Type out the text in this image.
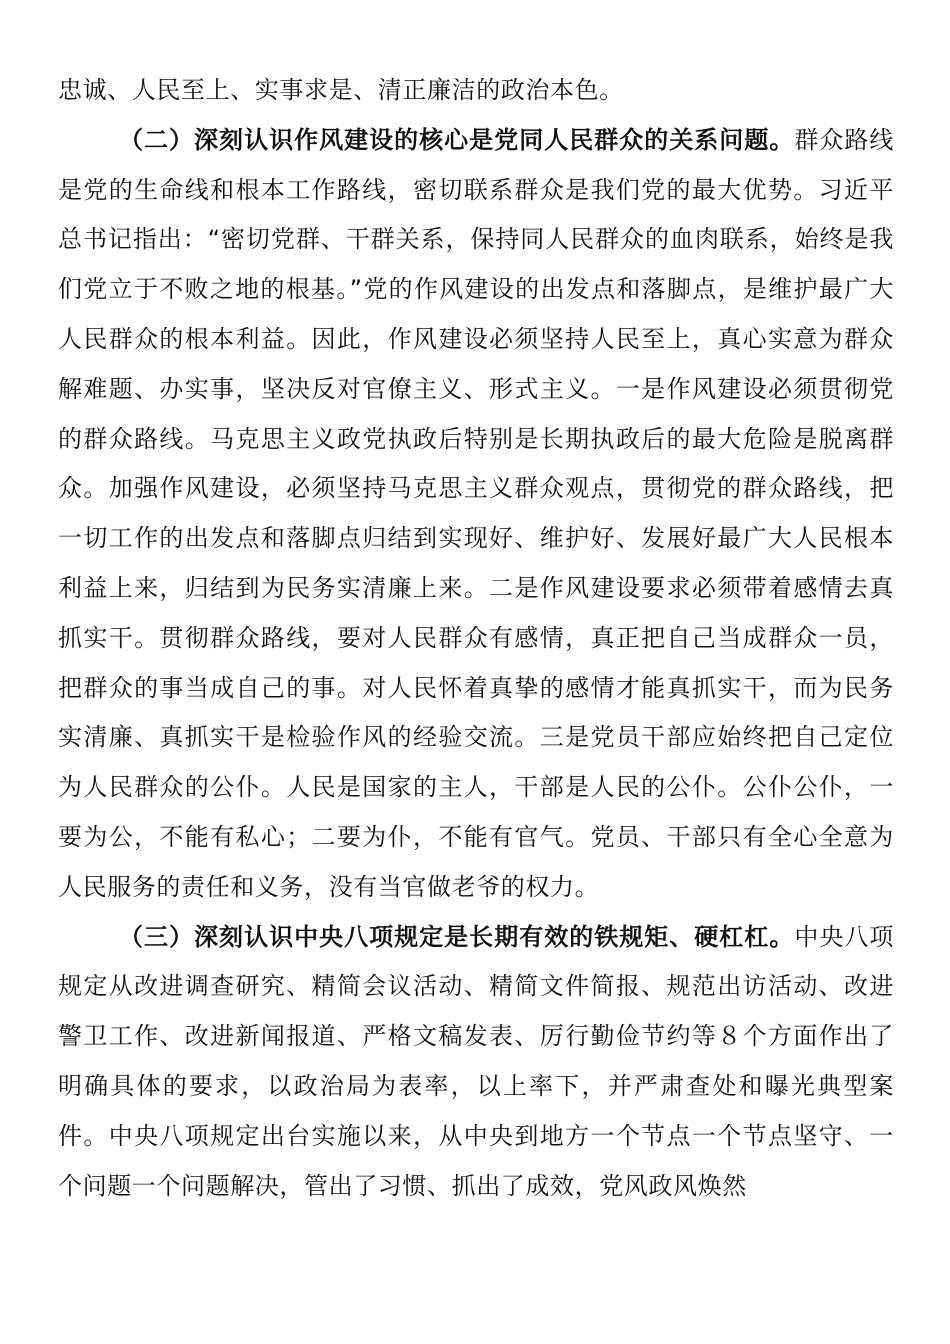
忠诚、人民至上、实事求是、清正廉洁的政治本色。

（二）深刻认识作风建设的核心是党同人民群众的关系问题。群众路线是党的生命线和根本工作路线，密切联系群众是我们党的最大优势。习近平总书记指出：“密切党群、干群关系，保持同人民群众的血肉联系，始终是我们党立于不败之地的根基。”党的作风建设的出发点和落脚点，是维护最广大人民群众的根本利益。因此，作风建设必须坚持人民至上，真心实意为群众解难题、办实事，坚决反对官僚主义、形式主义。一是作风建设必须贯彻党的群众路线。马克思主义政党执政后特别是长期执政后的最大危险是脱离群众。加强作风建设，必须坚持马克思主义群众观点，贯彻党的群众路线，把一切工作的出发点和落脚点归结到实现好、维护好、发展好最广大人民根本利益上来，归结到为民务实清廉上来。二是作风建设要求必须带着感情去真抓实干。贯彻群众路线，要对人民群众有感情，真正把自己当成群众一员，把群众的事当成自己的事。对人民怀着真挚的感情才能真抓实干，而为民务实清廉、真抓实干是检验作风的经验交流。三是党员干部应始终把自己定位为人民群众的公仆。人民是国家的主人，干部是人民的公仆。公仆公仆，一要为公，不能有私心；二要为仆，不能有官气。党员、干部只有全心全意为人民服务的责任和义务，没有当官做老爷的权力。

（三）深刻认识中央八项规定是长期有效的铁规矩、硬杠杠。中央八项规定从改进调查研究、精简会议活动、精简文件简报、规范出访活动、改进警卫工作、改进新闻报道、严格文稿发表、厉行勤俭节约等８个方面作出了明确具体的要求，以政治局为表率，以上率下，并严肃查处和曝光典型案件。中央八项规定出台实施以来，从中央到地方一个节点一个节点坚守、一个问题一个问题解决，管出了习惯、抓出了成效，党风政风焕然
